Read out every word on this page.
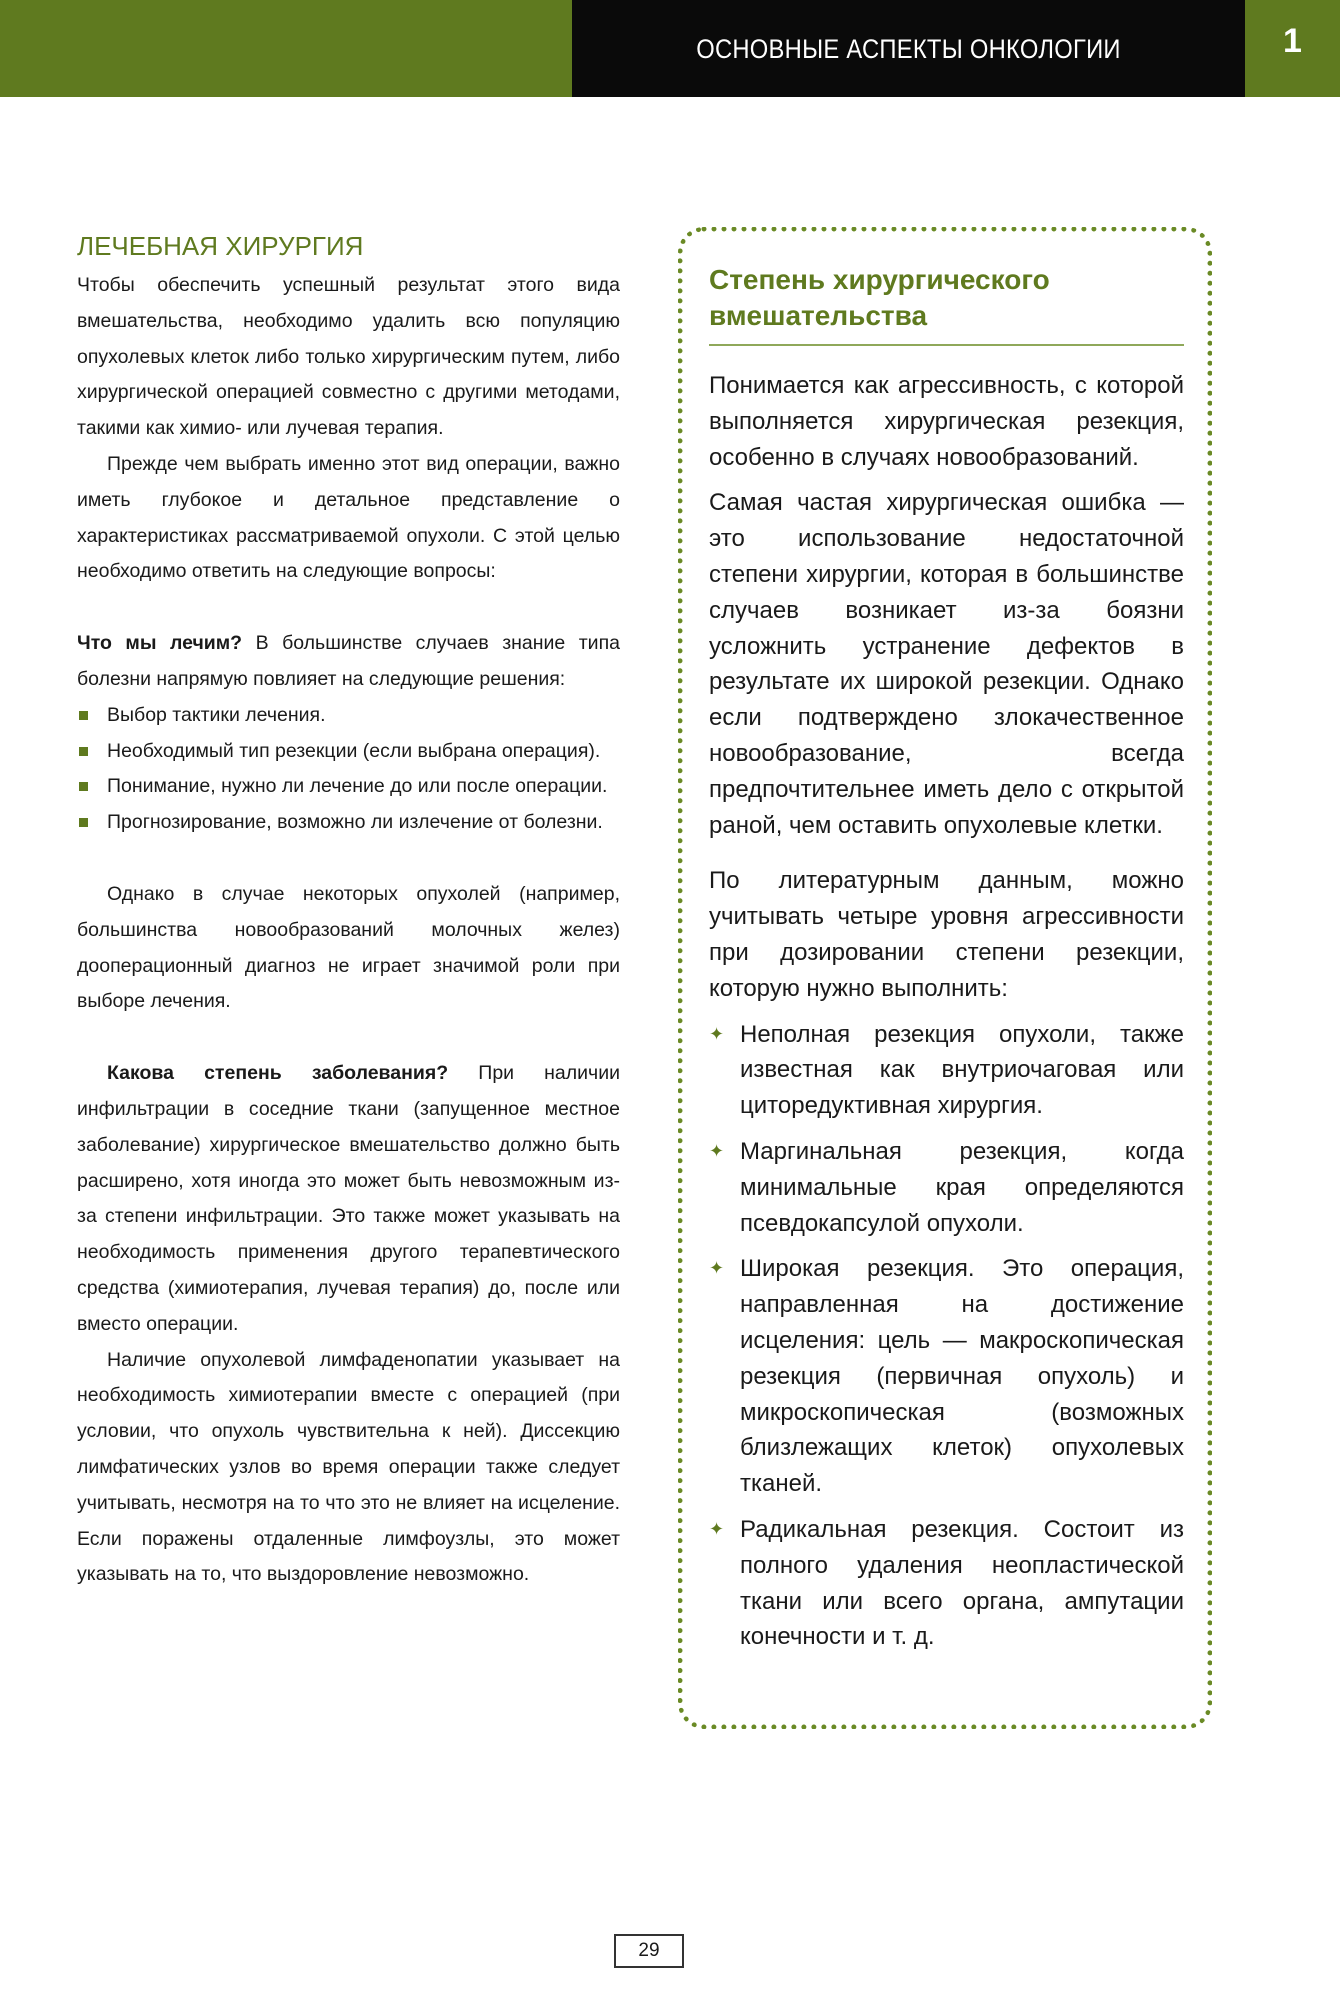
ОСНОВНЫЕ АСПЕКТЫ ОНКОЛОГИИ	1
ЛЕЧЕБНАЯ ХИРУРГИЯ

Чтобы обеспечить успешный результат этого вида вмешательства, необходимо удалить всю популяцию опухолевых клеток либо только хирургическим путем, либо хирургической операцией совместно с другими методами, такими как химио- или лучевая терапия.

Прежде чем выбрать именно этот вид операции, важно иметь глубокое и детальное представление о характеристиках рассматриваемой опухоли. С этой целью необходимо ответить на следующие вопросы:

Что мы лечим? В большинстве случаев знание типа болезни напрямую повлияет на следующие решения:

Выбор тактики лечения.
Необходимый тип резекции (если выбрана операция).
Понимание, нужно ли лечение до или после операции.
Прогнозирование, возможно ли излечение от болезни.

Однако в случае некоторых опухолей (например, большинства новообразований молочных желез) дооперационный диагноз не играет значимой роли при выборе лечения.

Какова степень заболевания? При наличии инфильтрации в соседние ткани (запущенное местное заболевание) хирургическое вмешательство должно быть расширено, хотя иногда это может быть невозможным из-за степени инфильтрации. Это также может указывать на необходимость применения другого терапевтического средства (химиотерапия, лучевая терапия) до, после или вместо операции.

Наличие опухолевой лимфаденопатии указывает на необходимость химиотерапии вместе с операцией (при условии, что опухоль чувствительна к ней). Диссекцию лимфатических узлов во время операции также следует учитывать, несмотря на то что это не влияет на исцеление. Если поражены отдаленные лимфоузлы, это может указывать на то, что выздоровление невозможно.

Степень хирургического вмешательства

Понимается как агрессивность, с которой выполняется хирургическая резекция, особенно в случаях новообразований.

Самая частая хирургическая ошибка — это использование недостаточной степени хирургии, которая в большинстве случаев возникает из-за боязни усложнить устранение дефектов в результате их широкой резекции. Однако если подтверждено злокачественное новообразование, всегда предпочтительнее иметь дело с открытой раной, чем оставить опухолевые клетки.

По литературным данным, можно учитывать четыре уровня агрессивности при дозировании степени резекции, которую нужно выполнить:

✦ Неполная резекция опухоли, также известная как внутриочаговая или циторедуктивная хирургия.
✦ Маргинальная резекция, когда минимальные края определяются псевдокапсулой опухоли.
✦ Широкая резекция. Это операция, направленная на достижение исцеления: цель — макроскопическая резекция (первичная опухоль) и микроскопическая (возможных близлежащих клеток) опухолевых тканей.
✦ Радикальная резекция. Состоит из полного удаления неопластической ткани или всего органа, ампутации конечности и т. д.
29
